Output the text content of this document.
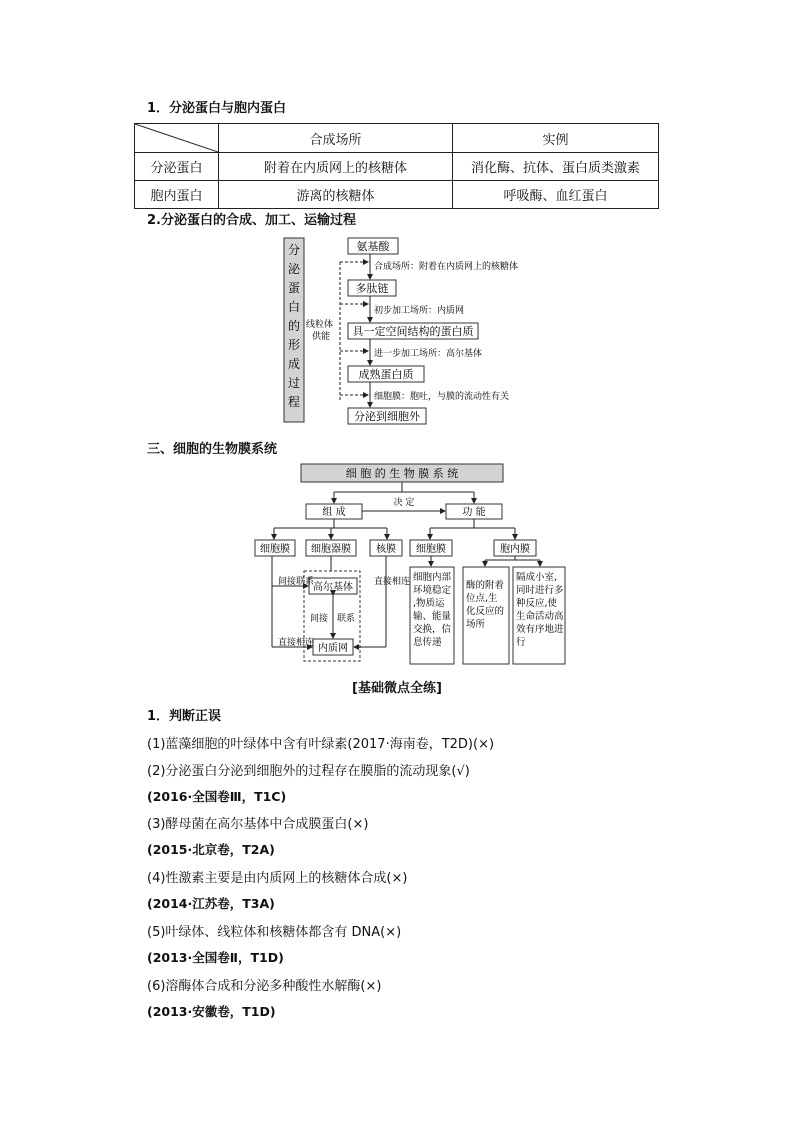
1．分泌蛋白与胞内蛋白
	合成场所	实例
分泌蛋白	附着在内质网上的核糖体	消化酶、抗体、蛋白质类激素
胞内蛋白	游离的核糖体	呼吸酶、血红蛋白
2.分泌蛋白的合成、加工、运输过程
分泌蛋白的形成过程
氨基酸
多肽链
具一定空间结构的蛋白质
成熟蛋白质
分泌到细胞外
合成场所：附着在内质网上的核糖体
初步加工场所：内质网
进一步加工场所：高尔基体
细胞膜：胞吐，与膜的流动性有关
线粒体
供能
三、细胞的生物膜系统
细 胞 的 生 物 膜 系 统
组 成	功 能
决 定
细胞膜 细胞器膜	核膜
高尔基体
内质网
间接 联系
间接联系
直接相连
直接相连
细胞膜	胞内膜
细胞内部环境稳定,物质运输、能量交换，信息传递
酶的附着位点,生化反应的场所
隔成小室,同时进行多种反应,使生命活动高效有序地进行
[基础微点全练]
1．判断正误
(1)蓝藻细胞的叶绿体中含有叶绿素(2017·海南卷，T2D)(×)
(2)分泌蛋白分泌到细胞外的过程存在膜脂的流动现象(√)
(2016·全国卷Ⅲ，T1C)
(3)酵母菌在高尔基体中合成膜蛋白(×)
(2015·北京卷，T2A)
(4)性激素主要是由内质网上的核糖体合成(×)
(2014·江苏卷，T3A)
(5)叶绿体、线粒体和核糖体都含有 DNA(×)
(2013·全国卷Ⅱ，T1D)
(6)溶酶体合成和分泌多种酸性水解酶(×)
(2013·安徽卷，T1D)
